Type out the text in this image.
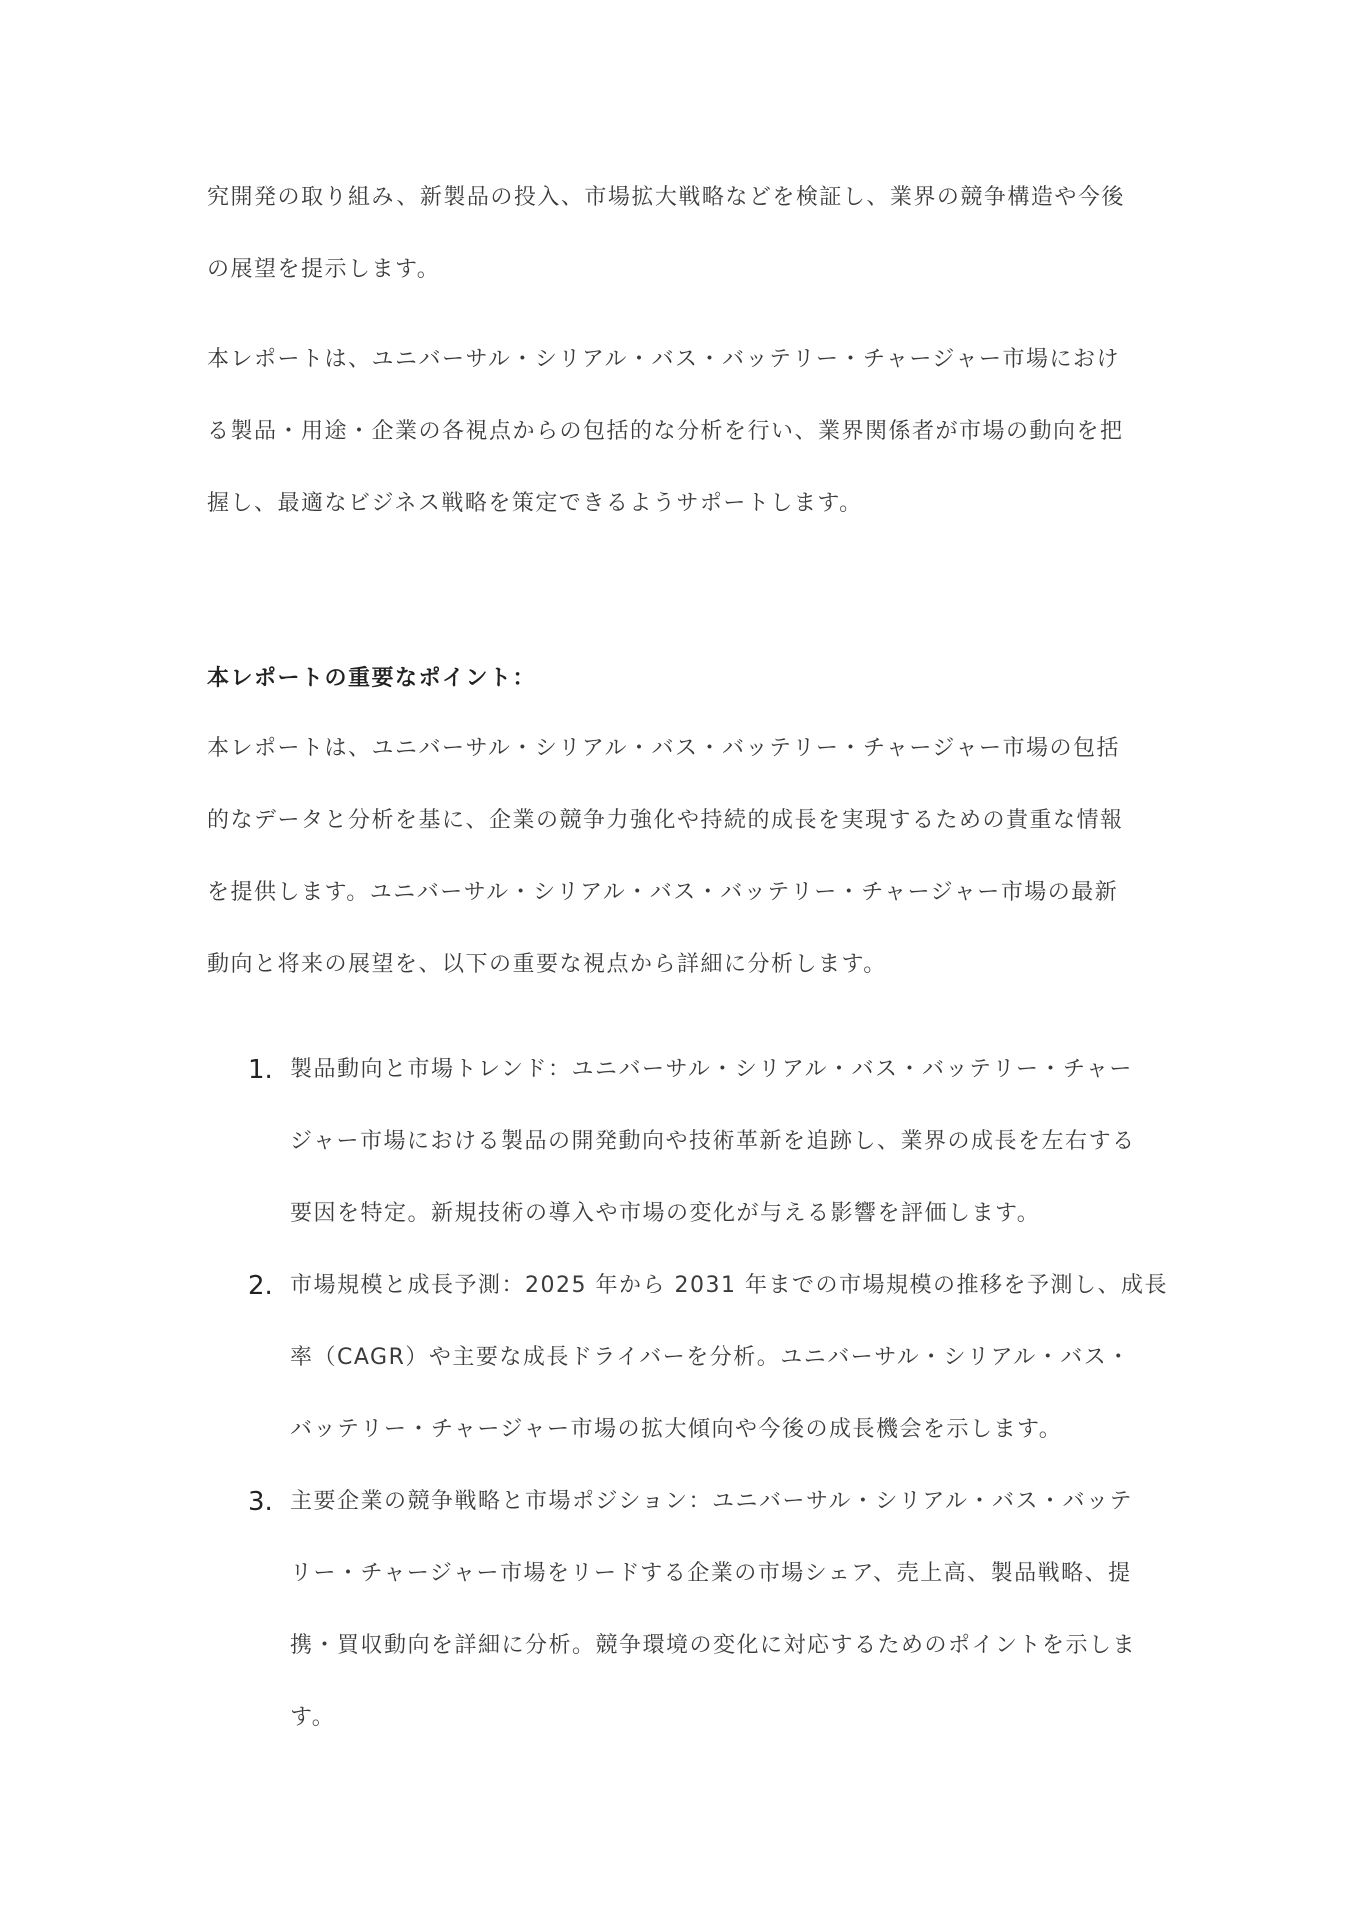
究開発の取り組み、新製品の投入、市場拡大戦略などを検証し、業界の競争構造や今後
の展望を提示します。
本レポートは、ユニバーサル・シリアル・バス・バッテリー・チャージャー市場におけ
る製品・用途・企業の各視点からの包括的な分析を行い、業界関係者が市場の動向を把
握し、最適なビジネス戦略を策定できるようサポートします。
本レポートの重要なポイント：
本レポートは、ユニバーサル・シリアル・バス・バッテリー・チャージャー市場の包括
的なデータと分析を基に、企業の競争力強化や持続的成長を実現するための貴重な情報
を提供します。ユニバーサル・シリアル・バス・バッテリー・チャージャー市場の最新
動向と将来の展望を、以下の重要な視点から詳細に分析します。
1. 製品動向と市場トレンド：ユニバーサル・シリアル・バス・バッテリー・チャー
ジャー市場における製品の開発動向や技術革新を追跡し、業界の成長を左右する
要因を特定。新規技術の導入や市場の変化が与える影響を評価します。
2. 市場規模と成長予測：2025 年から 2031 年までの市場規模の推移を予測し、成長
率（CAGR）や主要な成長ドライバーを分析。ユニバーサル・シリアル・バス・
バッテリー・チャージャー市場の拡大傾向や今後の成長機会を示します。
3. 主要企業の競争戦略と市場ポジション：ユニバーサル・シリアル・バス・バッテ
リー・チャージャー市場をリードする企業の市場シェア、売上高、製品戦略、提
携・買収動向を詳細に分析。競争環境の変化に対応するためのポイントを示しま
す。
